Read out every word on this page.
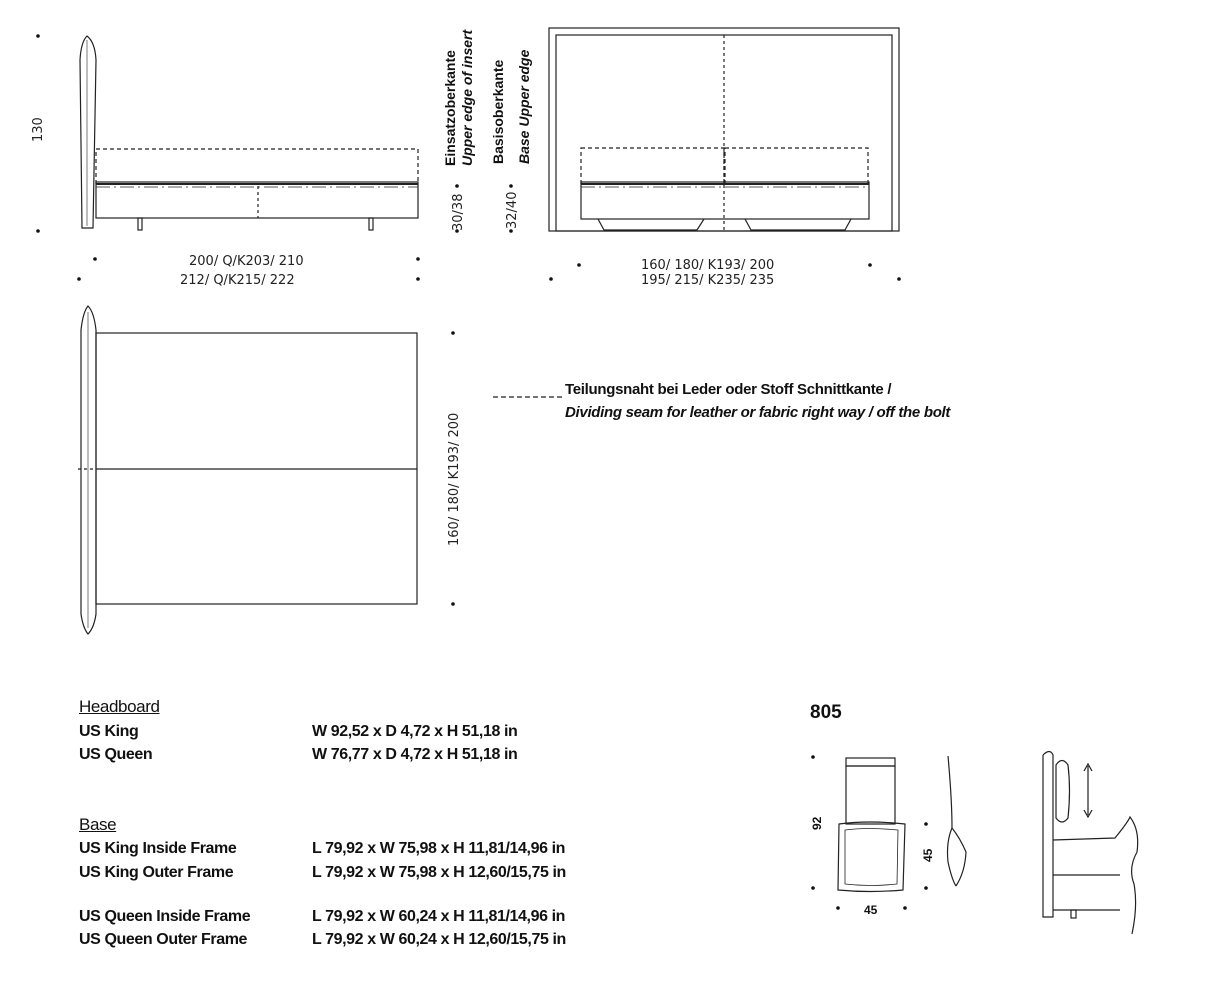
130
200/ Q/K203/ 210
212/ Q/K215/ 222
160/ 180/ K193/ 200
195/ 215/ K235/ 235
30/38	32/40
160/ 180/ K193/ 200
Einsatzoberkante Upper edge of insert Basisoberkante Base Upper edge
92
45
45
Teilungsnaht bei Leder oder Stoff Schnittkante /
Dividing seam for leather or fabric right way / off the bolt
Headboard
US King	W 92,52 x D 4,72 x H 51,18 in
US Queen	W 76,77 x D 4,72 x H 51,18 in
Base
US King Inside Frame	L 79,92 x W 75,98 x H 11,81/14,96 in
US King Outer Frame	L 79,92 x W 75,98 x H 12,60/15,75 in
US Queen Inside Frame	L 79,92 x W 60,24 x H 11,81/14,96 in
US Queen Outer Frame	L 79,92 x W 60,24 x H 12,60/15,75 in
805
